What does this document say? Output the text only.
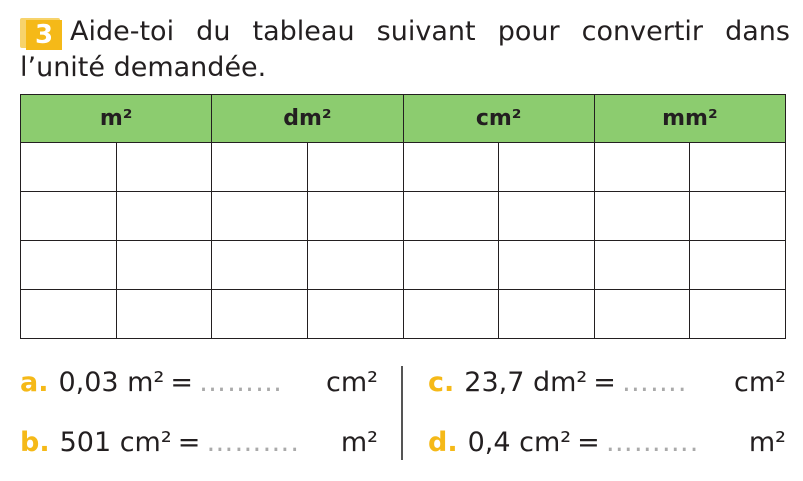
3 Aide-toi du tableau suivant pour convertir dans l’unité demandée.

m²		dm²		cm²		mm²	

a. 0,03 m² = ……… cm²
b. 501 cm² = ………. m²
c. 23,7 dm² = ……. cm²
d. 0,4 cm² = ………. m²
